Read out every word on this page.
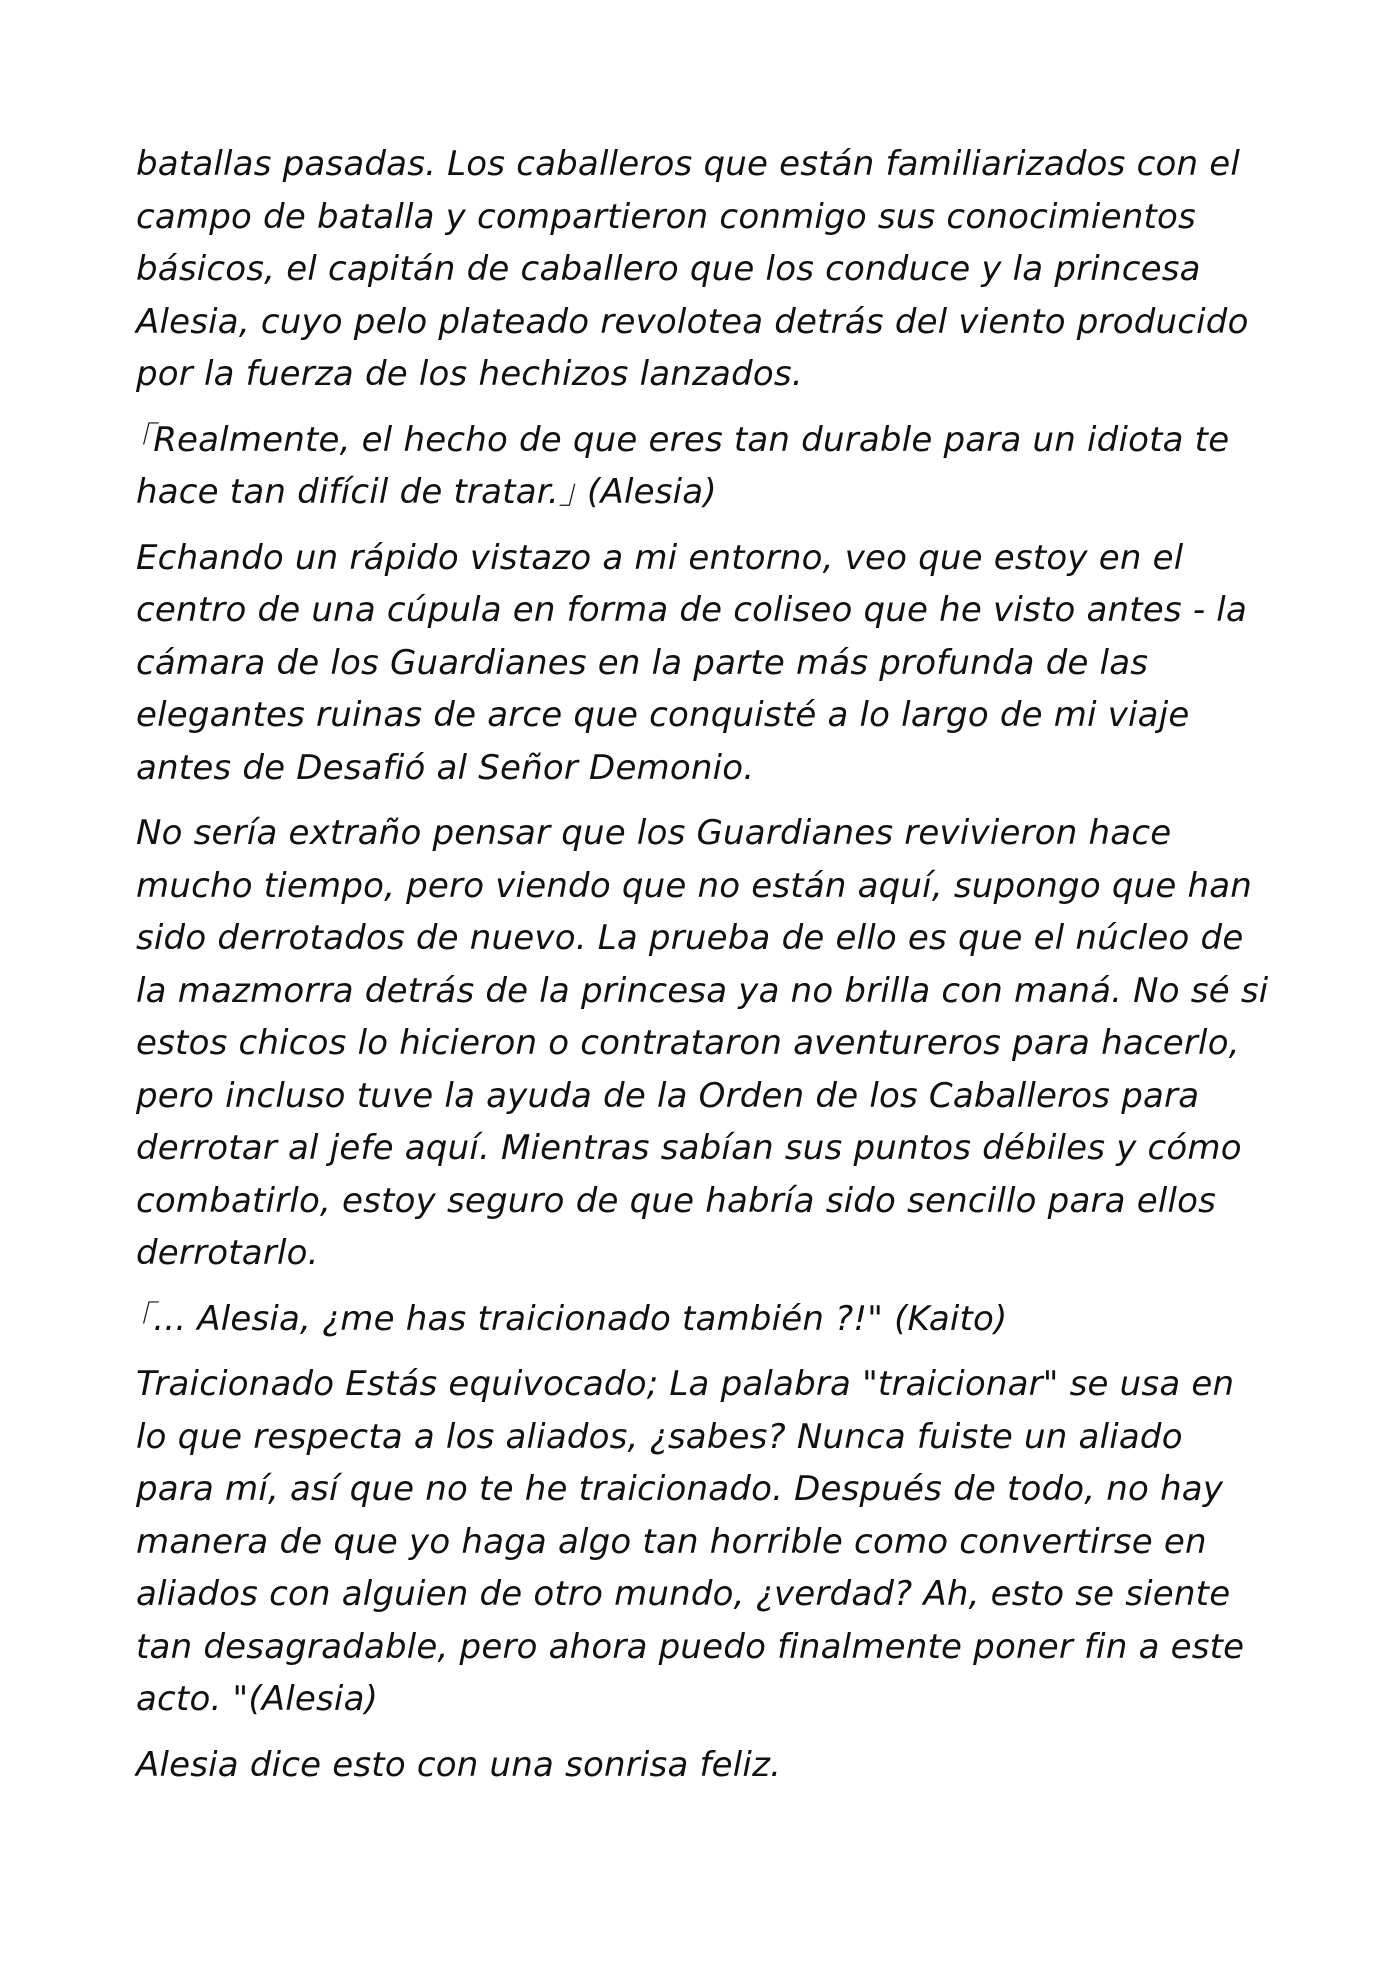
batallas pasadas. Los caballeros que están familiarizados con el
campo de batalla y compartieron conmigo sus conocimientos
básicos, el capitán de caballero que los conduce y la princesa
Alesia, cuyo pelo plateado revolotea detrás del viento producido
por la fuerza de los hechizos lanzados.

｢Realmente, el hecho de que eres tan durable para un idiota te
hace tan difícil de tratar.｣ (Alesia)

Echando un rápido vistazo a mi entorno, veo que estoy en el
centro de una cúpula en forma de coliseo que he visto antes - la
cámara de los Guardianes en la parte más profunda de las
elegantes ruinas de arce que conquisté a lo largo de mi viaje
antes de Desafió al Señor Demonio.

No sería extraño pensar que los Guardianes revivieron hace
mucho tiempo, pero viendo que no están aquí, supongo que han
sido derrotados de nuevo. La prueba de ello es que el núcleo de
la mazmorra detrás de la princesa ya no brilla con maná. No sé si
estos chicos lo hicieron o contrataron aventureros para hacerlo,
pero incluso tuve la ayuda de la Orden de los Caballeros para
derrotar al jefe aquí. Mientras sabían sus puntos débiles y cómo
combatirlo, estoy seguro de que habría sido sencillo para ellos
derrotarlo.

｢... Alesia, ¿me has traicionado también ?!" (Kaito)

Traicionado Estás equivocado; La palabra "traicionar" se usa en
lo que respecta a los aliados, ¿sabes? Nunca fuiste un aliado
para mí, así que no te he traicionado. Después de todo, no hay
manera de que yo haga algo tan horrible como convertirse en
aliados con alguien de otro mundo, ¿verdad? Ah, esto se siente
tan desagradable, pero ahora puedo finalmente poner fin a este
acto. "(Alesia)

Alesia dice esto con una sonrisa feliz.
